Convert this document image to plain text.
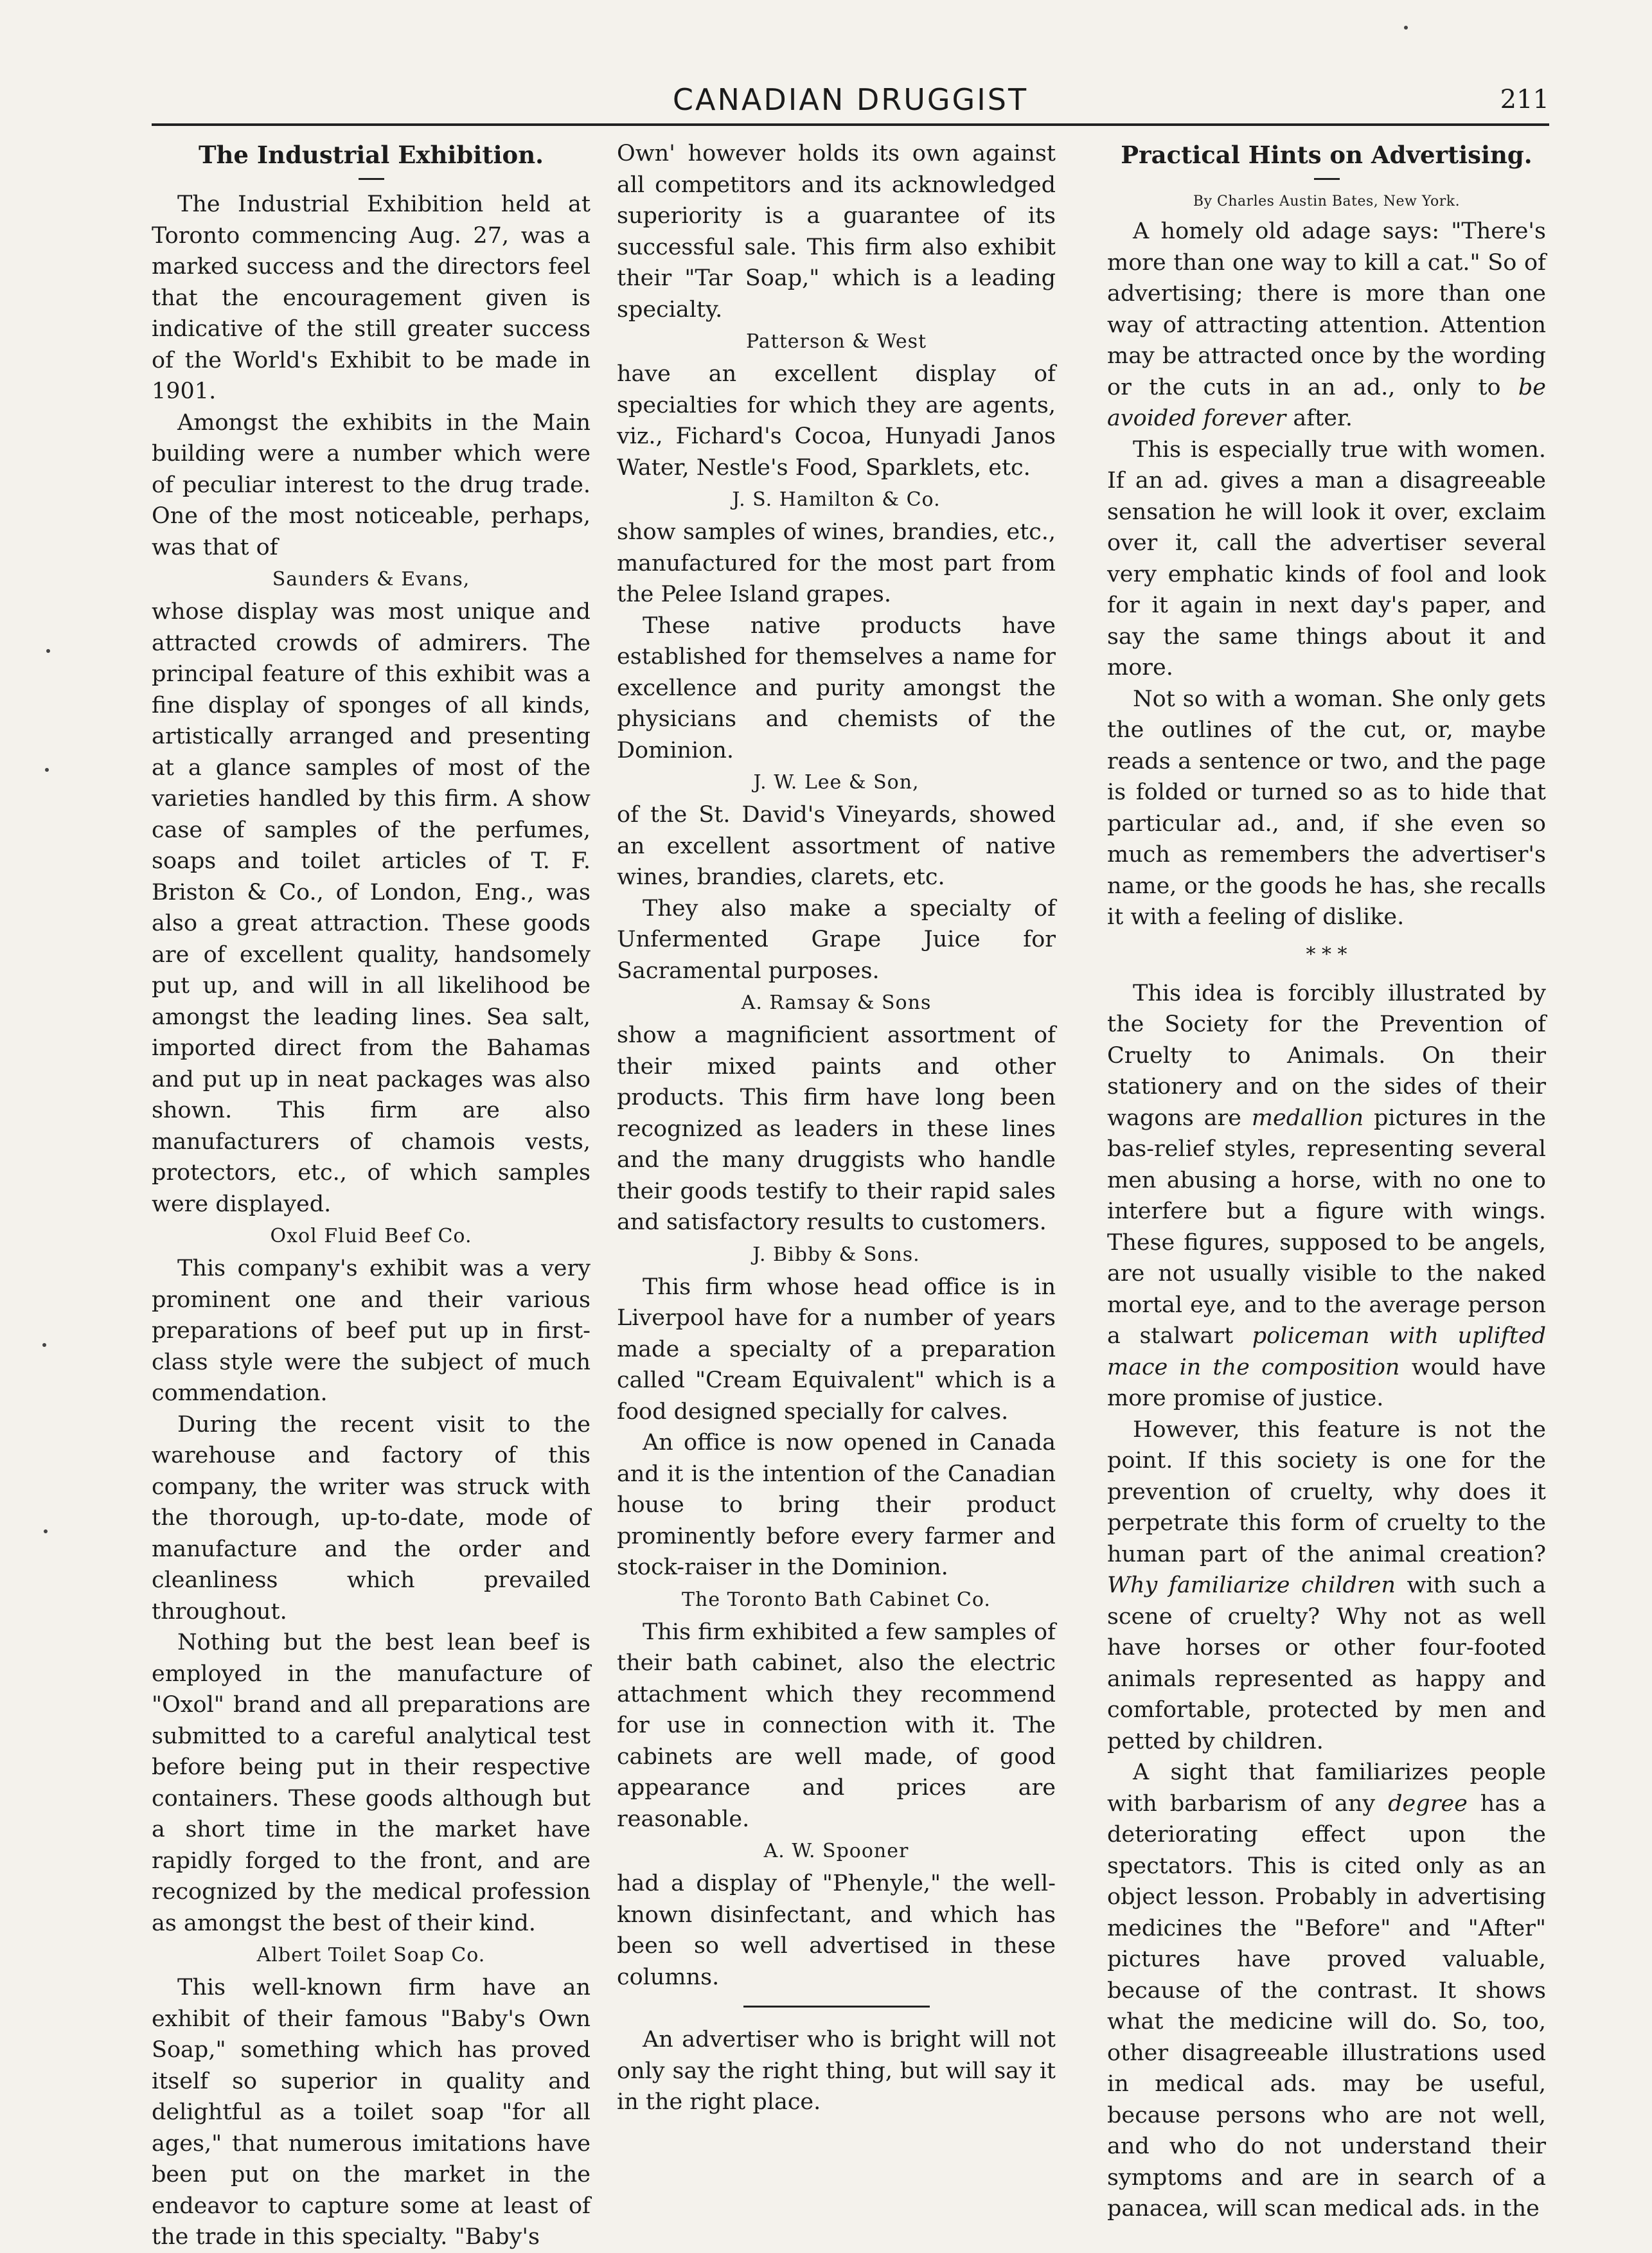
CANADIAN DRUGGIST	211
The Industrial Exhibition.

The Industrial Exhibition held at Toronto commencing Aug. 27, was a marked success and the directors feel that the encouragement given is indicative of the still greater success of the World's Exhibit to be made in 1901.

Amongst the exhibits in the Main building were a number which were of peculiar interest to the drug trade. One of the most noticeable, perhaps, was that of

Saunders & Evans,

whose display was most unique and attracted crowds of admirers. The principal feature of this exhibit was a fine display of sponges of all kinds, artistically arranged and presenting at a glance samples of most of the varieties handled by this firm. A show case of samples of the perfumes, soaps and toilet articles of T. F. Briston & Co., of London, Eng., was also a great attraction. These goods are of excellent quality, handsomely put up, and will in all likelihood be amongst the leading lines. Sea salt, imported direct from the Bahamas and put up in neat packages was also shown. This firm are also manufacturers of chamois vests, protectors, etc., of which samples were displayed.

Oxol Fluid Beef Co.

This company's exhibit was a very prominent one and their various preparations of beef put up in first-class style were the subject of much commendation.

During the recent visit to the warehouse and factory of this company, the writer was struck with the thorough, up-to-date, mode of manufacture and the order and cleanliness which prevailed throughout.

Nothing but the best lean beef is employed in the manufacture of "Oxol" brand and all preparations are submitted to a careful analytical test before being put in their respective containers. These goods although but a short time in the market have rapidly forged to the front, and are recognized by the medical profession as amongst the best of their kind.

Albert Toilet Soap Co.

This well-known firm have an exhibit of their famous "Baby's Own Soap," something which has proved itself so superior in quality and delightful as a toilet soap "for all ages," that numerous imitations have been put on the market in the endeavor to capture some at least of the trade in this specialty. "Baby's

Own' however holds its own against all competitors and its acknowledged superiority is a guarantee of its successful sale. This firm also exhibit their "Tar Soap," which is a leading specialty.

Patterson & West

have an excellent display of specialties for which they are agents, viz., Fichard's Cocoa, Hunyadi Janos Water, Nestle's Food, Sparklets, etc.

J. S. Hamilton & Co.

show samples of wines, brandies, etc., manufactured for the most part from the Pelee Island grapes.

These native products have established for themselves a name for excellence and purity amongst the physicians and chemists of the Dominion.

J. W. Lee & Son,

of the St. David's Vineyards, showed an excellent assortment of native wines, brandies, clarets, etc.

They also make a specialty of Unfermented Grape Juice for Sacramental purposes.

A. Ramsay & Sons

show a magnificient assortment of their mixed paints and other products. This firm have long been recognized as leaders in these lines and the many druggists who handle their goods testify to their rapid sales and satisfactory results to customers.

J. Bibby & Sons.

This firm whose head office is in Liverpool have for a number of years made a specialty of a preparation called "Cream Equivalent" which is a food designed specially for calves.

An office is now opened in Canada and it is the intention of the Canadian house to bring their product prominently before every farmer and stock-raiser in the Dominion.

The Toronto Bath Cabinet Co.

This firm exhibited a few samples of their bath cabinet, also the electric attachment which they recommend for use in connection with it. The cabinets are well made, of good appearance and prices are reasonable.

A. W. Spooner

had a display of "Phenyle," the well-known disinfectant, and which has been so well advertised in these columns.

An advertiser who is bright will not only say the right thing, but will say it in the right place.

Practical Hints on Advertising.
By Charles Austin Bates, New York.

A homely old adage says: "There's more than one way to kill a cat." So of advertising; there is more than one way of attracting attention. Attention may be attracted once by the wording or the cuts in an ad., only to be avoided forever after.

This is especially true with women. If an ad. gives a man a disagreeable sensation he will look it over, exclaim over it, call the advertiser several very emphatic kinds of fool and look for it again in next day's paper, and say the same things about it and more.

Not so with a woman. She only gets the outlines of the cut, or, maybe reads a sentence or two, and the page is folded or turned so as to hide that particular ad., and, if she even so much as remembers the advertiser's name, or the goods he has, she recalls it with a feeling of dislike.

* * *

This idea is forcibly illustrated by the Society for the Prevention of Cruelty to Animals. On their stationery and on the sides of their wagons are medallion pictures in the bas-relief styles, representing several men abusing a horse, with no one to interfere but a figure with wings. These figures, supposed to be angels, are not usually visible to the naked mortal eye, and to the average person a stalwart policeman with uplifted mace in the composition would have more promise of justice.

However, this feature is not the point. If this society is one for the prevention of cruelty, why does it perpetrate this form of cruelty to the human part of the animal creation? Why familiarize children with such a scene of cruelty? Why not as well have horses or other four-footed animals represented as happy and comfortable, protected by men and petted by children.

A sight that familiarizes people with barbarism of any degree has a deteriorating effect upon the spectators. This is cited only as an object lesson. Probably in advertising medicines the "Before" and "After" pictures have proved valuable, because of the contrast. It shows what the medicine will do. So, too, other disagreeable illustrations used in medical ads. may be useful, because persons who are not well, and who do not understand their symptoms and are in search of a panacea, will scan medical ads. in the
